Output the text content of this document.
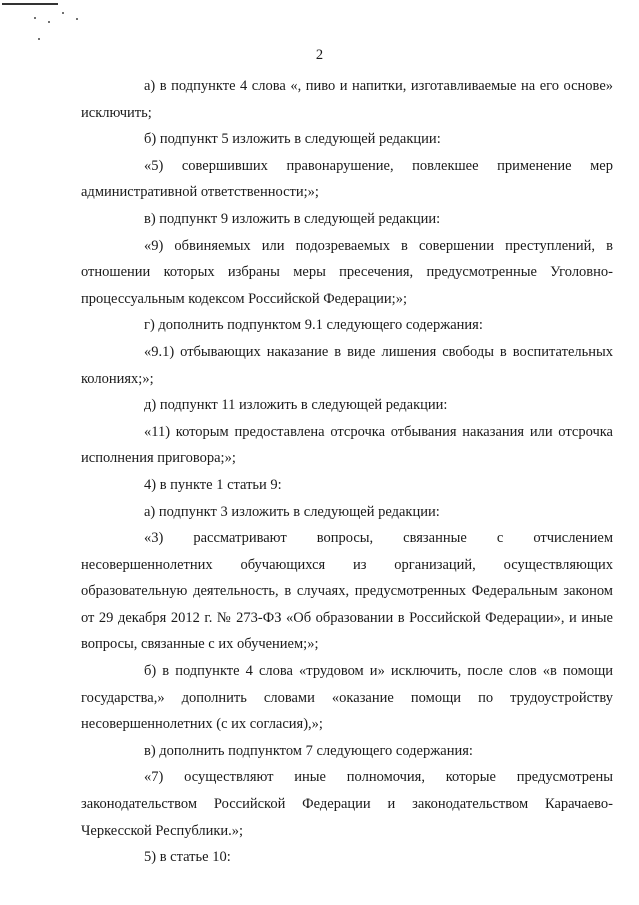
2

а) в подпункте 4 слова «, пиво и напитки, изготавливаемые на его основе» исключить;

б) подпункт 5 изложить в следующей редакции:

«5) совершивших правонарушение, повлекшее применение мер административной ответственности;»;

в) подпункт 9 изложить в следующей редакции:

«9) обвиняемых или подозреваемых в совершении преступлений, в отношении которых избраны меры пресечения, предусмотренные Уголовно-процессуальным кодексом Российской Федерации;»;

г) дополнить подпунктом 9.1 следующего содержания:

«9.1) отбывающих наказание в виде лишения свободы в воспитательных колониях;»;

д) подпункт 11 изложить в следующей редакции:

«11) которым предоставлена отсрочка отбывания наказания или отсрочка исполнения приговора;»;

4) в пункте 1 статьи 9:

а) подпункт 3 изложить в следующей редакции:

«3) рассматривают вопросы, связанные с отчислением несовершеннолетних обучающихся из организаций, осуществляющих образовательную деятельность, в случаях, предусмотренных Федеральным законом от 29 декабря 2012 г. № 273-ФЗ «Об образовании в Российской Федерации», и иные вопросы, связанные с их обучением;»;

б) в подпункте 4 слова «трудовом и» исключить, после слов «в помощи государства,» дополнить словами «оказание помощи по трудоустройству несовершеннолетних (с их согласия),»;

в) дополнить подпунктом 7 следующего содержания:

«7) осуществляют иные полномочия, которые предусмотрены законодательством Российской Федерации и законодательством Карачаево-Черкесской Республики.»;

5) в статье 10:
